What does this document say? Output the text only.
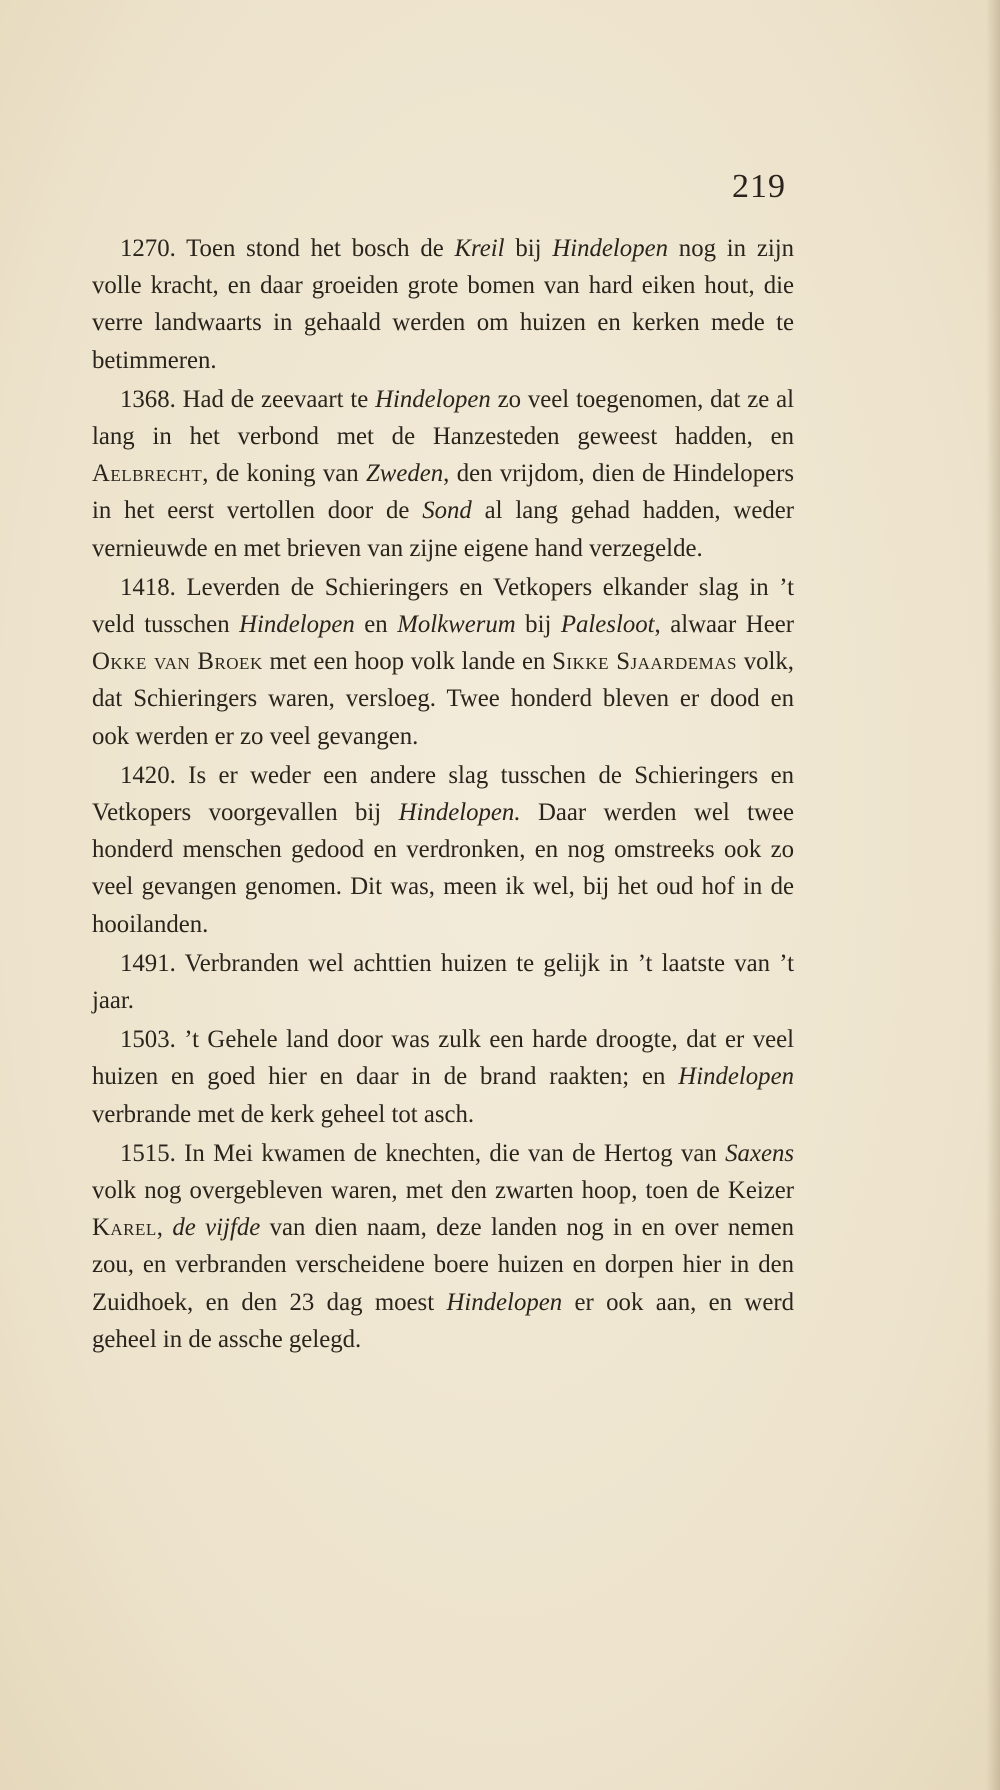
219

1270. Toen stond het bosch de Kreil bij Hindelopen nog in zijn volle kracht, en daar groeiden grote bomen van hard eiken hout, die verre landwaarts in gehaald werden om huizen en kerken mede te betimmeren.

1368. Had de zeevaart te Hindelopen zo veel toegenomen, dat ze al lang in het verbond met de Hanzesteden geweest hadden, en Aelbrecht, de koning van Zweden, den vrijdom, dien de Hindelopers in het eerst vertollen door de Sond al lang gehad hadden, weder vernieuwde en met brieven van zijne eigene hand verzegelde.

1418. Leverden de Schieringers en Vetkopers elkander slag in ’t veld tusschen Hindelopen en Molkwerum bij Palesloot, alwaar Heer Okke van Broek met een hoop volk lande en Sikke Sjaardemas volk, dat Schieringers waren, versloeg. Twee honderd bleven er dood en ook werden er zo veel gevangen.

1420. Is er weder een andere slag tusschen de Schieringers en Vetkopers voorgevallen bij Hindelopen. Daar werden wel twee honderd menschen gedood en verdronken, en nog omstreeks ook zo veel gevangen genomen. Dit was, meen ik wel, bij het oud hof in de hooilanden.

1491. Verbranden wel achttien huizen te gelijk in ’t laatste van ’t jaar.

1503. ’t Gehele land door was zulk een harde droogte, dat er veel huizen en goed hier en daar in de brand raakten; en Hindelopen verbrande met de kerk geheel tot asch.

1515. In Mei kwamen de knechten, die van de Hertog van Saxens volk nog overgebleven waren, met den zwarten hoop, toen de Keizer Karel, de vijfde van dien naam, deze landen nog in en over nemen zou, en verbranden verscheidene boere huizen en dorpen hier in den Zuidhoek, en den 23 dag moest Hindelopen er ook aan, en werd geheel in de assche gelegd.
